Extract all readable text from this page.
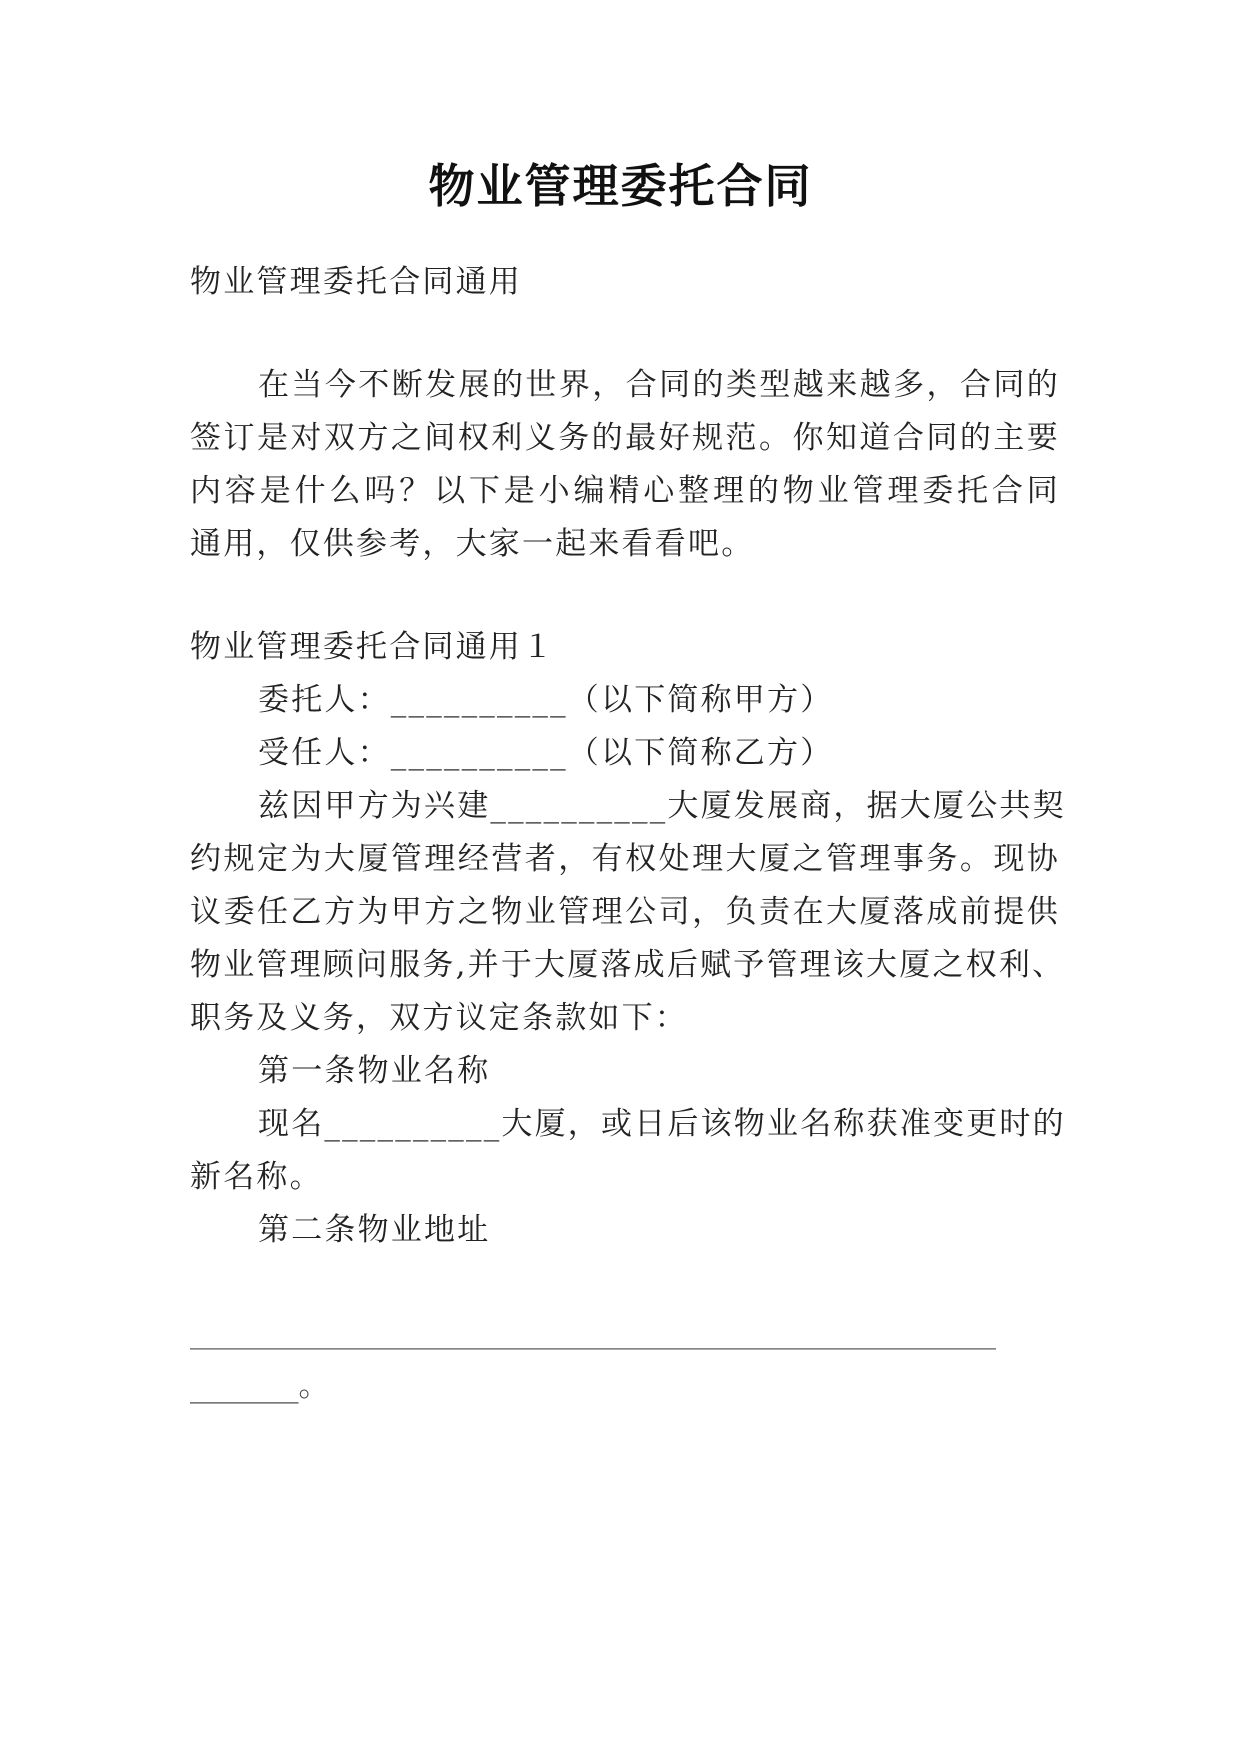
物业管理委托合同

物业管理委托合同通用

在当今不断发展的世界，合同的类型越来越多，合同的

签订是对双方之间权利义务的最好规范。你知道合同的主要

内容是什么吗？以下是小编精心整理的物业管理委托合同

通用，仅供参考，大家一起来看看吧。

物业管理委托合同通用１

委托人：__________（以下简称甲方）

受任人：__________（以下简称乙方）

兹因甲方为兴建__________大厦发展商，据大厦公共契

约规定为大厦管理经营者，有权处理大厦之管理事务。现协

议委任乙方为甲方之物业管理公司，负责在大厦落成前提供

物业管理顾问服务,并于大厦落成后赋予管理该大厦之权利、

职务及义务，双方议定条款如下：

第一条物业名称

现名__________大厦，或日后该物业名称获准变更时的

新名称。

第二条物业地址

____________________________________________________

_______。
